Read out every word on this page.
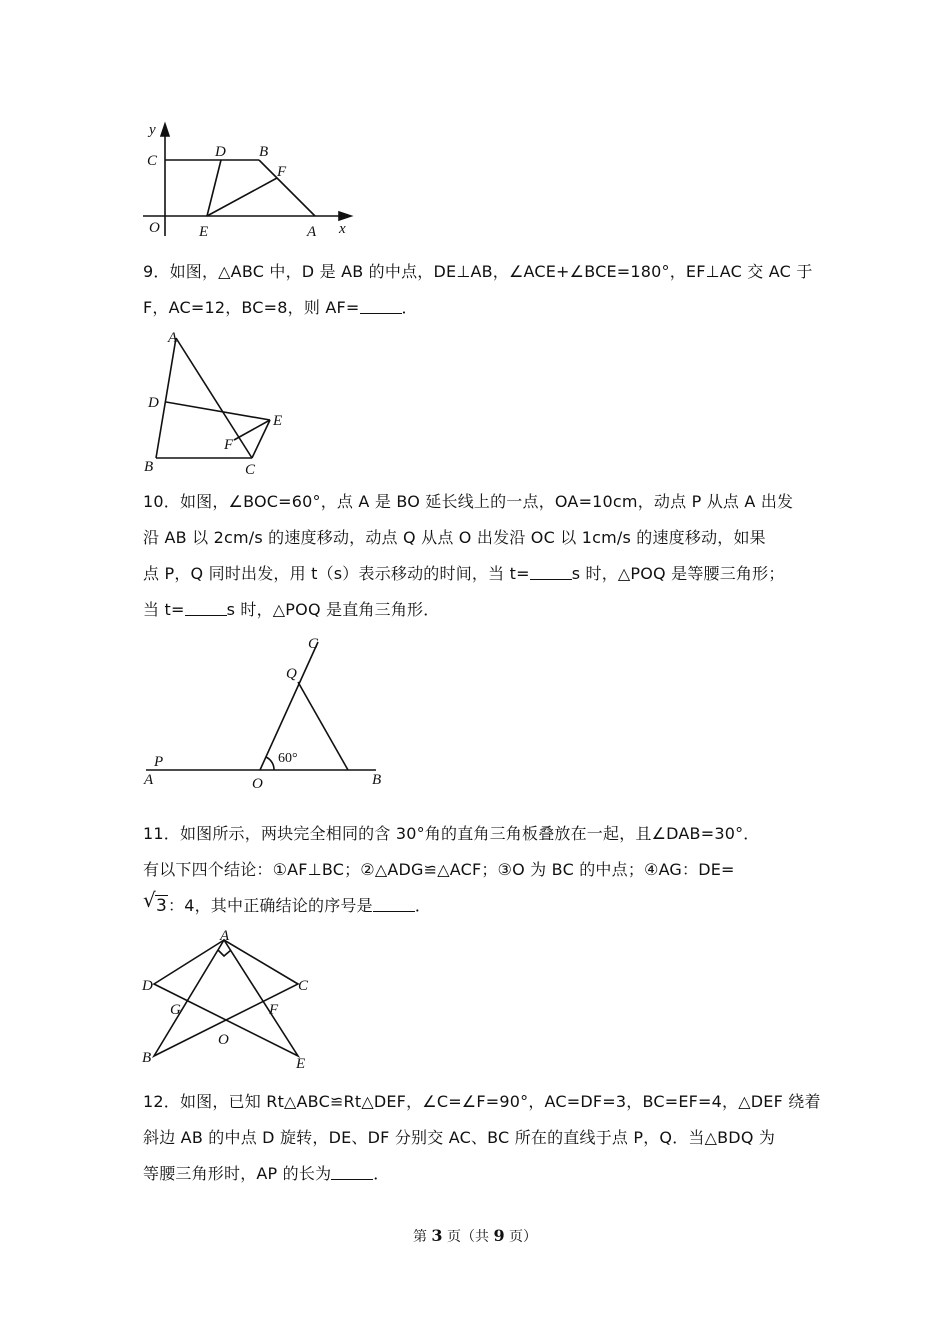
y
C
D B
F
O	E	A x

9．如图，△ABC 中，D 是 AB 的中点，DE⊥AB，∠ACE+∠BCE=180°，EF⊥AC 交 AC 于

F，AC=12，BC=8，则 AF=	．

A
D
E
F
B	C

10．如图，∠BOC=60°，点 A 是 BO 延长线上的一点，OA=10cm，动点 P 从点 A 出发

沿 AB 以 2cm/s 的速度移动，动点 Q 从点 O 出发沿 OC 以 1cm/s 的速度移动，如果

点 P，Q 同时出发，用 t（s）表示移动的时间，当 t=	s 时，△POQ 是等腰三角形；

当 t=	s 时，△POQ 是直角三角形．

C
Q
60°
P
A	O	B

11．如图所示，两块完全相同的含 30°角的直角三角板叠放在一起，且∠DAB=30°．

有以下四个结论：①AF⊥BC；②△ADG≌△ACF；③O 为 BC 的中点；④AG：DE=

√ 3：4，其中正确结论的序号是	．

A
D	C
G	F
O
B	E

12．如图，已知 Rt△ABC≌Rt△DEF，∠C=∠F=90°，AC=DF=3，BC=EF=4，△DEF 绕着

斜边 AB 的中点 D 旋转，DE、DF 分别交 AC、BC 所在的直线于点 P，Q．当△BDQ 为

等腰三角形时，AP 的长为	．

第 3 页（共 9 页）
